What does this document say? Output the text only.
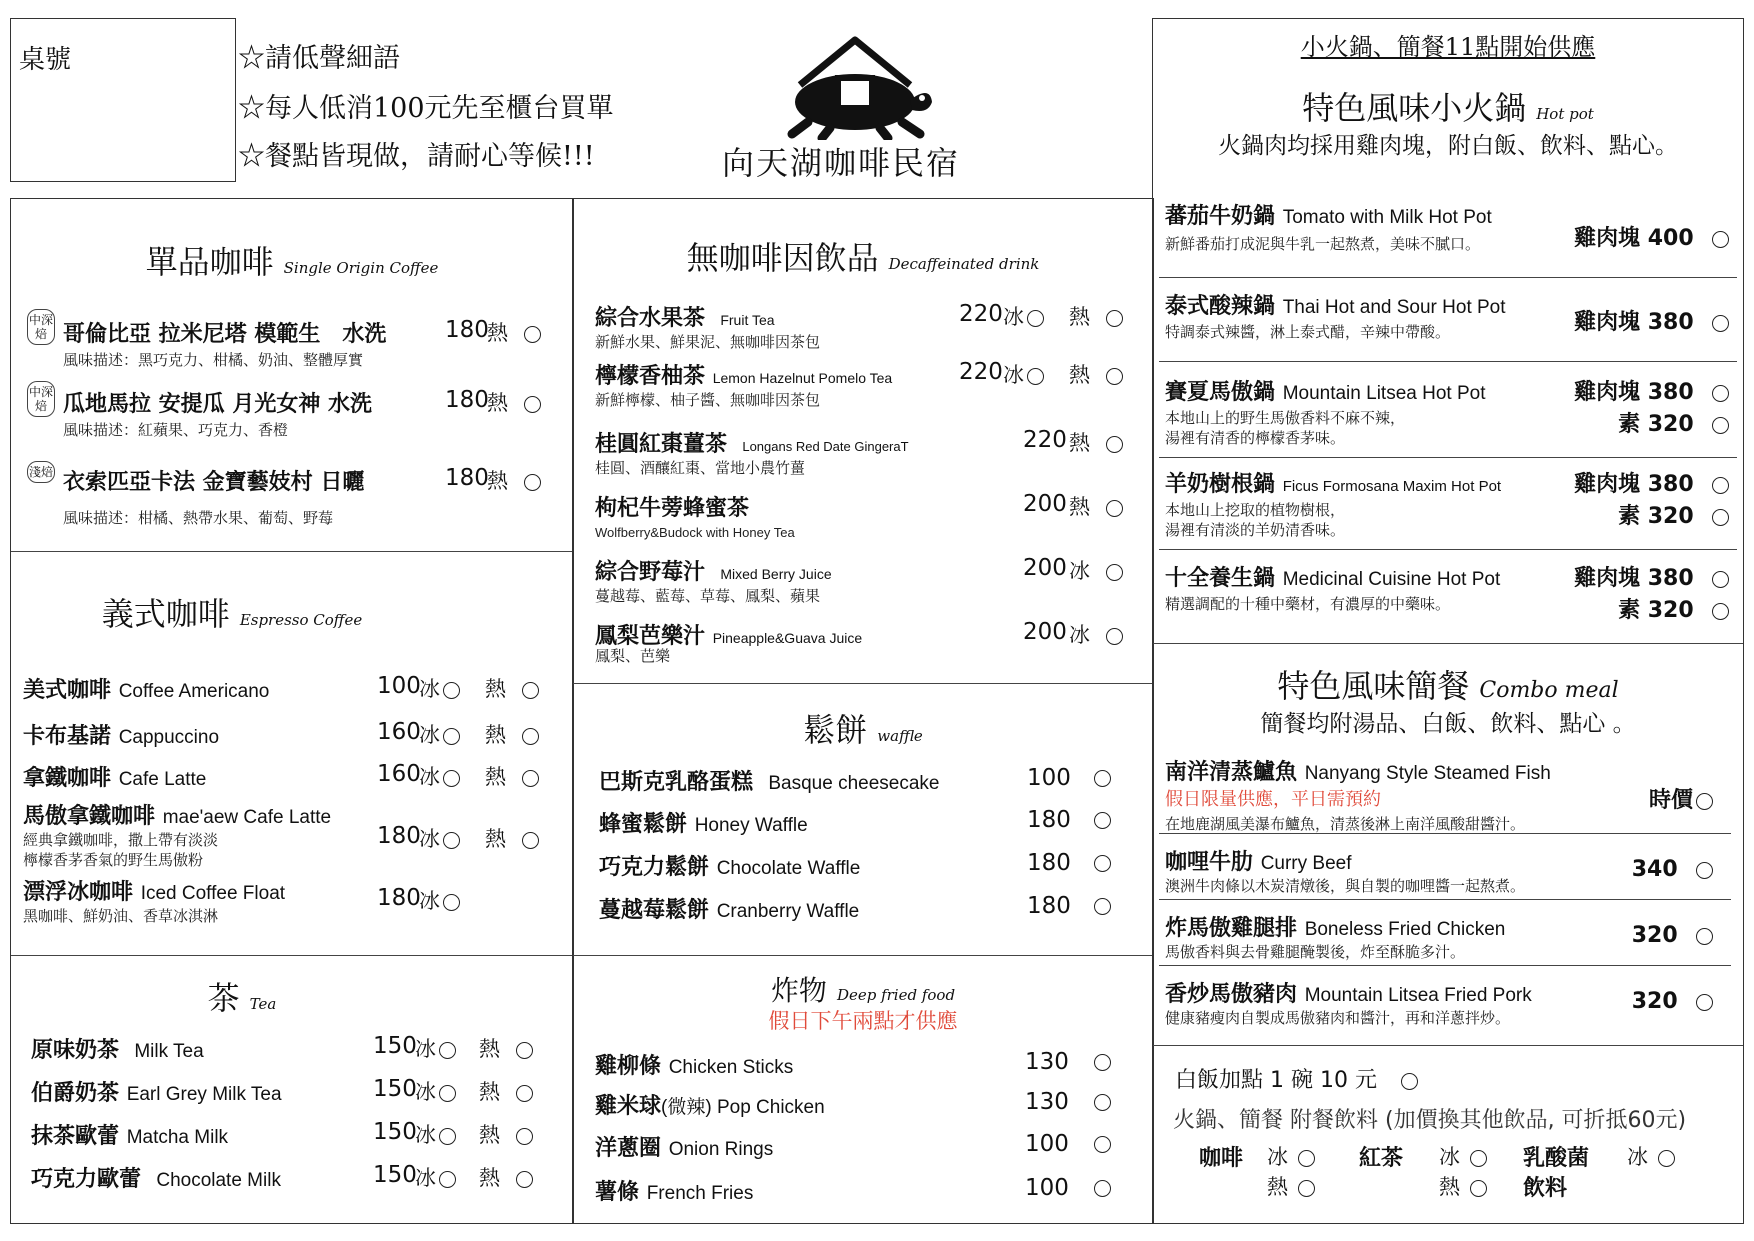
桌號	☆請低聲細語
☆每人低消100元先至櫃台買單
☆餐點皆現做，請耐心等候!!!	向天湖咖啡民宿
單品咖啡 Single Origin Coffee
中深焙 哥倫比亞 拉米尼塔 模範生　水洗	180
熱
風味描述：黑巧克力、柑橘、奶油、整體厚實
中深焙 瓜地馬拉 安提瓜 月光女神 水洗	180
熱
風味描述：紅蘋果、巧克力、香橙
淺焙 衣索匹亞卡法 金寶藝妓村 日曬	180
熱
風味描述：柑橘、熱帶水果、葡萄、野莓
義式咖啡 Espresso Coffee
美式咖啡 Coffee Americano	100
冰	熱
卡布基諾 Cappuccino	160
冰	熱
拿鐵咖啡 Cafe Latte	160
冰	熱
馬傲拿鐵咖啡 mae'aew Cafe Latte
經典拿鐵咖啡，撒上帶有淡淡
檸檬香茅香氣的野生馬傲粉
180
冰	熱
漂浮冰咖啡 Iced Coffee Float
黑咖啡、鮮奶油、香草冰淇淋
180
冰
茶 Tea
原味奶茶 Milk Tea	150
冰	熱
伯爵奶茶 Earl Grey Milk Tea	150
冰	熱
抹茶歐蕾 Matcha Milk	150
冰	熱
巧克力歐蕾 Chocolate Milk	150
冰	熱
無咖啡因飲品 Decaffeinated drink
綜合水果茶 Fruit Tea
新鮮水果、鮮果泥、無咖啡因茶包
220 冰	熱
檸檬香柚茶 Lemon Hazelnut Pomelo Tea
新鮮檸檬、柚子醬、無咖啡因茶包
220 冰	熱
桂圓紅棗薑茶 Longans Red Date GingeraT
桂圓、酒釀紅棗、當地小農竹薑
220 熱
枸杞牛蒡蜂蜜茶
Wolfberry&Budock with Honey Tea
200 熱
綜合野莓汁 Mixed Berry Juice
蔓越莓、藍莓、草莓、鳳梨、蘋果
200 冰
鳳梨芭樂汁 Pineapple&Guava Juice
鳳梨、芭樂
200 冰
鬆餅 waffle
巴斯克乳酪蛋糕 Basque cheesecake	100
蜂蜜鬆餅 Honey Waffle	180
巧克力鬆餅 Chocolate Waffle	180
蔓越莓鬆餅 Cranberry Waffle	180
炸物 Deep fried food
假日下午兩點才供應
雞柳條 Chicken Sticks	130
雞米球(微辣) Pop Chicken	130
洋蔥圈 Onion Rings	100
薯條 French Fries	100
小火鍋、簡餐11點開始供應
特色風味小火鍋 Hot pot
火鍋肉均採用雞肉塊，附白飯、飲料、點心。
蕃茄牛奶鍋 Tomato with Milk Hot Pot
新鮮番茄打成泥與牛乳一起熬煮，美味不膩口。	雞肉塊 400
泰式酸辣鍋 Thai Hot and Sour Hot Pot
特調泰式辣醬，淋上泰式醋，辛辣中帶酸。	雞肉塊 380
賽夏馬傲鍋 Mountain Litsea Hot Pot
本地山上的野生馬傲香料不麻不辣，
湯裡有清香的檸檬香茅味。
雞肉塊 380
素 320
羊奶樹根鍋 Ficus Formosana Maxim Hot Pot
本地山上挖取的植物樹根，
湯裡有清淡的羊奶清香味。
雞肉塊 380
素 320
十全養生鍋 Medicinal Cuisine Hot Pot
精選調配的十種中藥材，有濃厚的中藥味。
雞肉塊 380
素 320
特色風味簡餐 Combo meal
簡餐均附湯品、白飯、飲料、點心 。
南洋清蒸鱸魚 Nanyang Style Steamed Fish
假日限量供應，平日需預約
在地鹿湖風美瀑布鱸魚，清蒸後淋上南洋風酸甜醬汁。
時價
咖哩牛肋 Curry Beef
澳洲牛肉條以木炭清燉後，與自製的咖哩醬一起熬煮。
340
炸馬傲雞腿排 Boneless Fried Chicken
馬傲香料與去骨雞腿醃製後，炸至酥脆多汁。
320
香炒馬傲豬肉 Mountain Litsea Fried Pork
健康豬瘦肉自製成馬傲豬肉和醬汁，再和洋蔥拌炒。
320
白飯加點 1 碗 10 元
火鍋、簡餐 附餐飲料 (加價換其他飲品, 可折抵60元)
咖啡 冰
熱
紅茶 冰
熱
乳酸菌
飲料
冰
